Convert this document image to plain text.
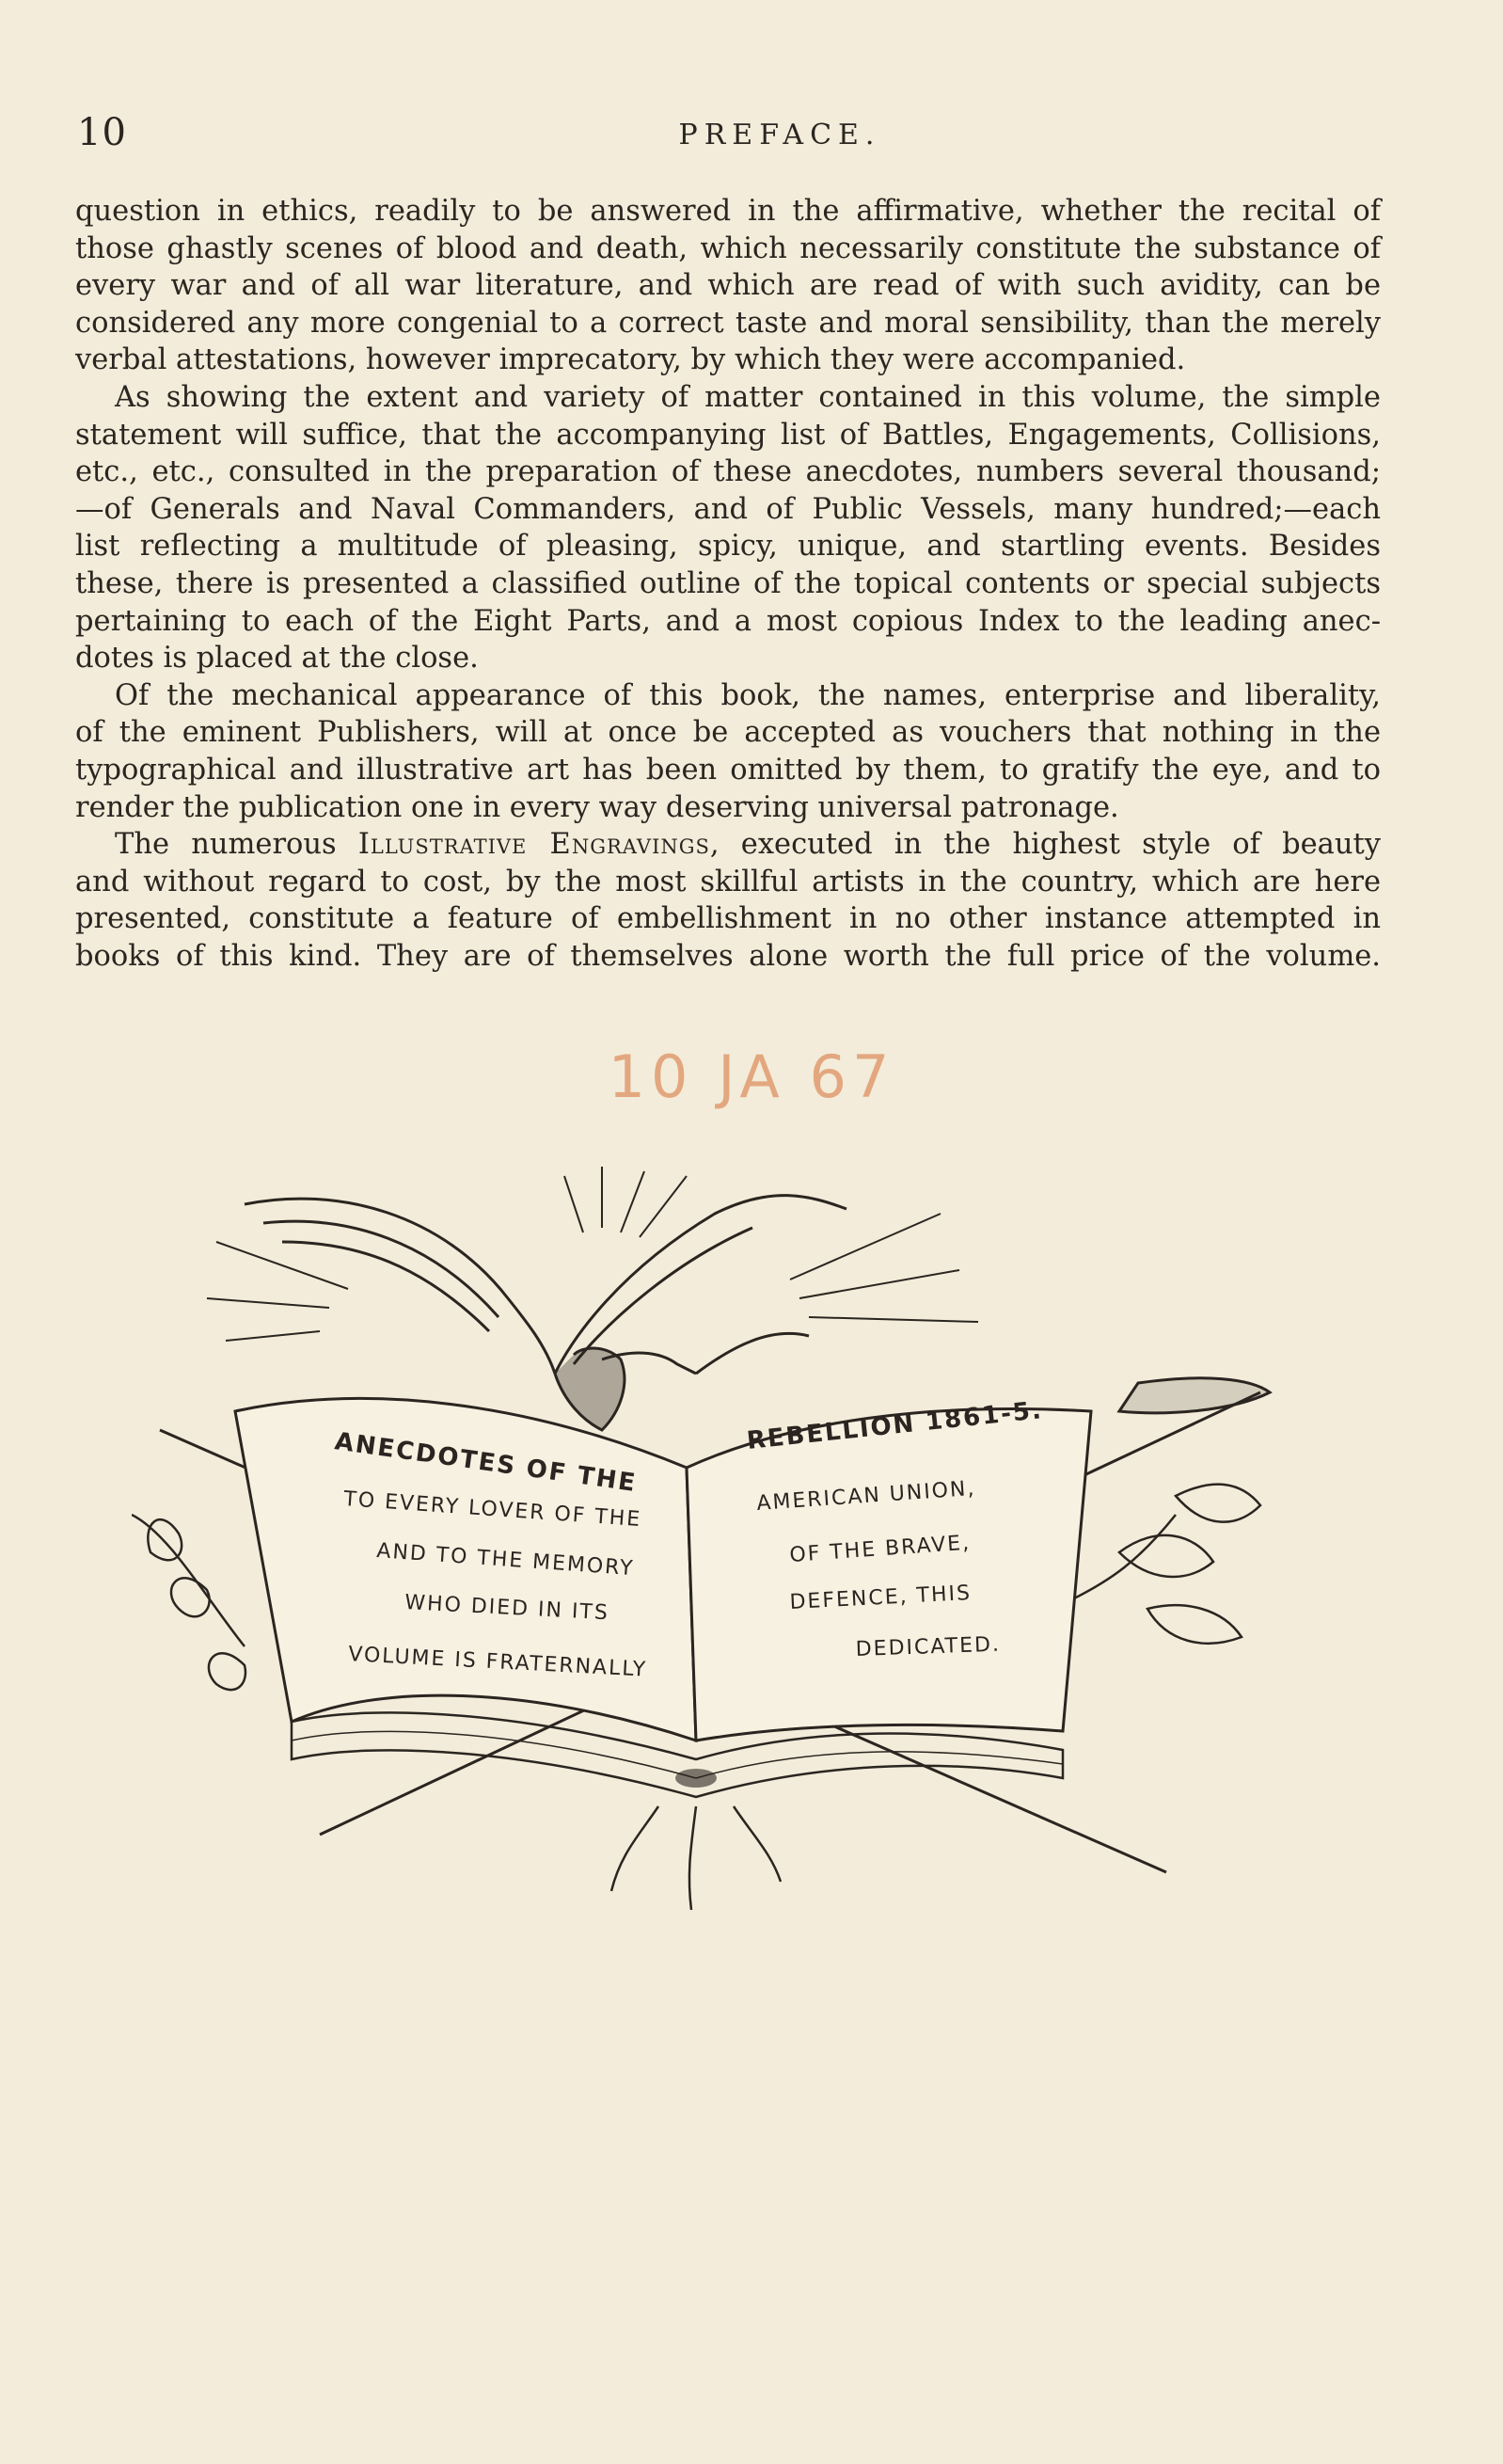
10	PREFACE.

question in ethics, readily to be answered in the affirmative, whether the recital of
those ghastly scenes of blood and death, which necessarily constitute the substance of
every war and of all war literature, and which are read of with such avidity, can be
considered any more congenial to a correct taste and moral sensibility, than the merely
verbal attestations, however imprecatory, by which they were accompanied.

As showing the extent and variety of matter contained in this volume, the simple
statement will suffice, that the accompanying list of Battles, Engagements, Collisions,
etc., etc., consulted in the preparation of these anecdotes, numbers several thousand;
—of Generals and Naval Commanders, and of Public Vessels, many hundred;—each
list reflecting a multitude of pleasing, spicy, unique, and startling events. Besides
these, there is presented a classified outline of the topical contents or special subjects
pertaining to each of the Eight Parts, and a most copious Index to the leading anec-
dotes is placed at the close.

Of the mechanical appearance of this book, the names, enterprise and liberality,
of the eminent Publishers, will at once be accepted as vouchers that nothing in the
typographical and illustrative art has been omitted by them, to gratify the eye, and to
render the publication one in every way deserving universal patronage.

The numerous Illustrative Engravings, executed in the highest style of beauty
and without regard to cost, by the most skillful artists in the country, which are here
presented, constitute a feature of embellishment in no other instance attempted in
books of this kind. They are of themselves alone worth the full price of the volume.

10 JA 67
ANECDOTES OF THE
TO EVERY LOVER OF THE
AND TO THE MEMORY
WHO DIED IN ITS
VOLUME IS FRATERNALLY
REBELLION 1861-5.
AMERICAN UNION,
OF THE BRAVE,
DEFENCE, THIS
DEDICATED.
